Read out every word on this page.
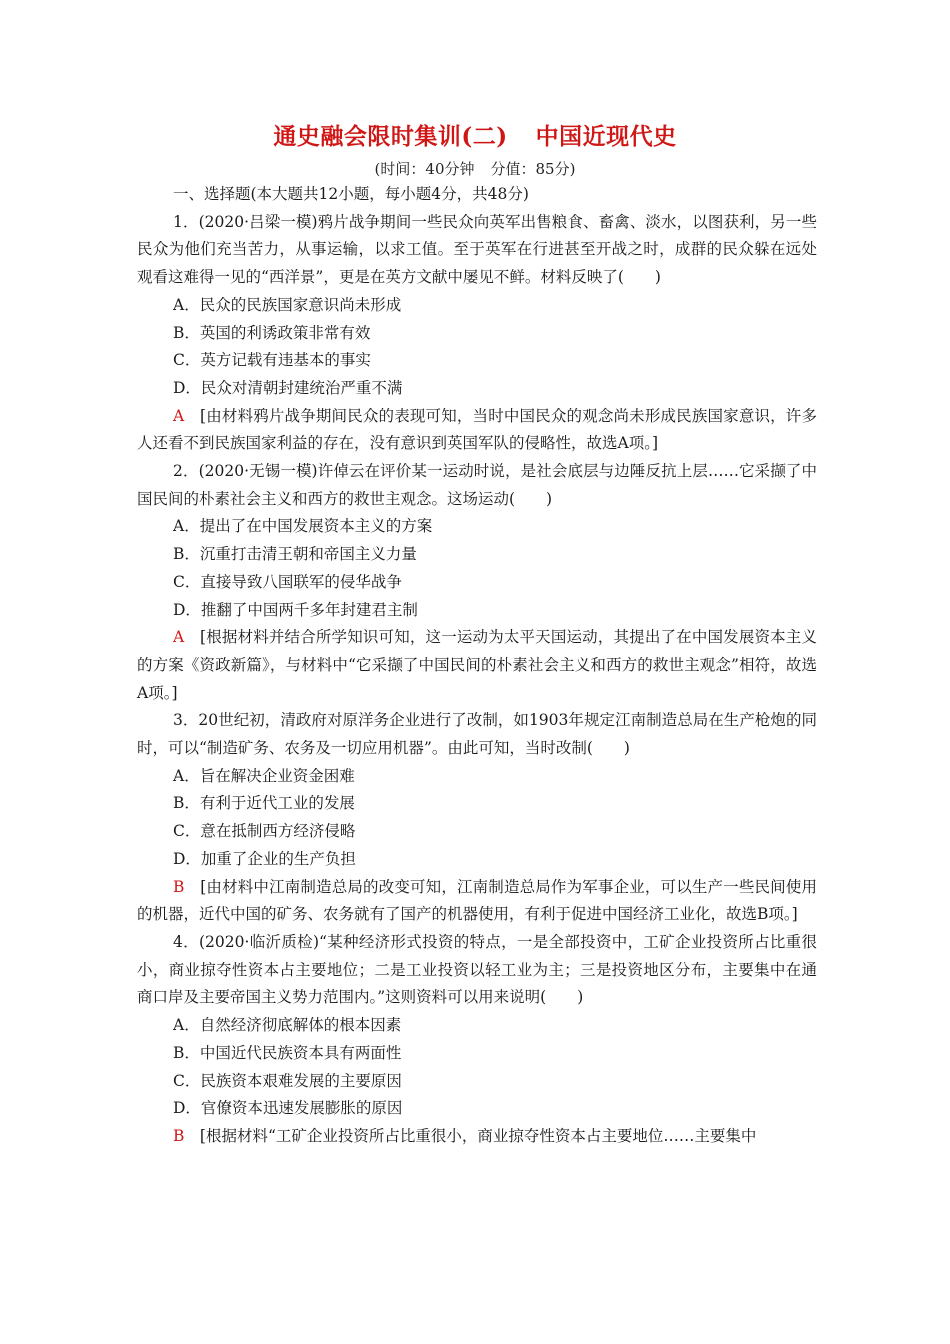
通史融会限时集训(二) 中国近现代史
(时间：40分钟 分值：85分)

一、选择题(本大题共12小题，每小题4分，共48分)

1．(2020·吕梁一模)鸦片战争期间一些民众向英军出售粮食、畜禽、淡水，以图获利，另一些民众为他们充当苦力，从事运输，以求工值。至于英军在行进甚至开战之时，成群的民众躲在远处观看这难得一见的“西洋景”，更是在英方文献中屡见不鲜。材料反映了(　　)

A．民众的民族国家意识尚未形成

B．英国的利诱政策非常有效

C．英方记载有违基本的事实

D．民众对清朝封建统治严重不满

A　 [由材料鸦片战争期间民众的表现可知，当时中国民众的观念尚未形成民族国家意识，许多人还看不到民族国家利益的存在，没有意识到英国军队的侵略性，故选A项。]

2．(2020·无锡一模)许倬云在评价某一运动时说，是社会底层与边陲反抗上层……它采撷了中国民间的朴素社会主义和西方的救世主观念。这场运动(　　)

A．提出了在中国发展资本主义的方案

B．沉重打击清王朝和帝国主义力量

C．直接导致八国联军的侵华战争

D．推翻了中国两千多年封建君主制

A　 [根据材料并结合所学知识可知，这一运动为太平天国运动，其提出了在中国发展资本主义的方案《资政新篇》，与材料中“它采撷了中国民间的朴素社会主义和西方的救世主观念”相符，故选A项。]

3．20世纪初，清政府对原洋务企业进行了改制，如1903年规定江南制造总局在生产枪炮的同时，可以“制造矿务、农务及一切应用机器”。由此可知，当时改制(　　)

A．旨在解决企业资金困难

B．有利于近代工业的发展

C．意在抵制西方经济侵略

D．加重了企业的生产负担

B　 [由材料中江南制造总局的改变可知，江南制造总局作为军事企业，可以生产一些民间使用的机器，近代中国的矿务、农务就有了国产的机器使用，有利于促进中国经济工业化，故选B项。]

4．(2020·临沂质检)“某种经济形式投资的特点，一是全部投资中，工矿企业投资所占比重很小，商业掠夺性资本占主要地位；二是工业投资以轻工业为主；三是投资地区分布，主要集中在通商口岸及主要帝国主义势力范围内。”这则资料可以用来说明(　　)

A．自然经济彻底解体的根本因素

B．中国近代民族资本具有两面性

C．民族资本艰难发展的主要原因

D．官僚资本迅速发展膨胀的原因

B　 [根据材料“工矿企业投资所占比重很小，商业掠夺性资本占主要地位……主要集中
